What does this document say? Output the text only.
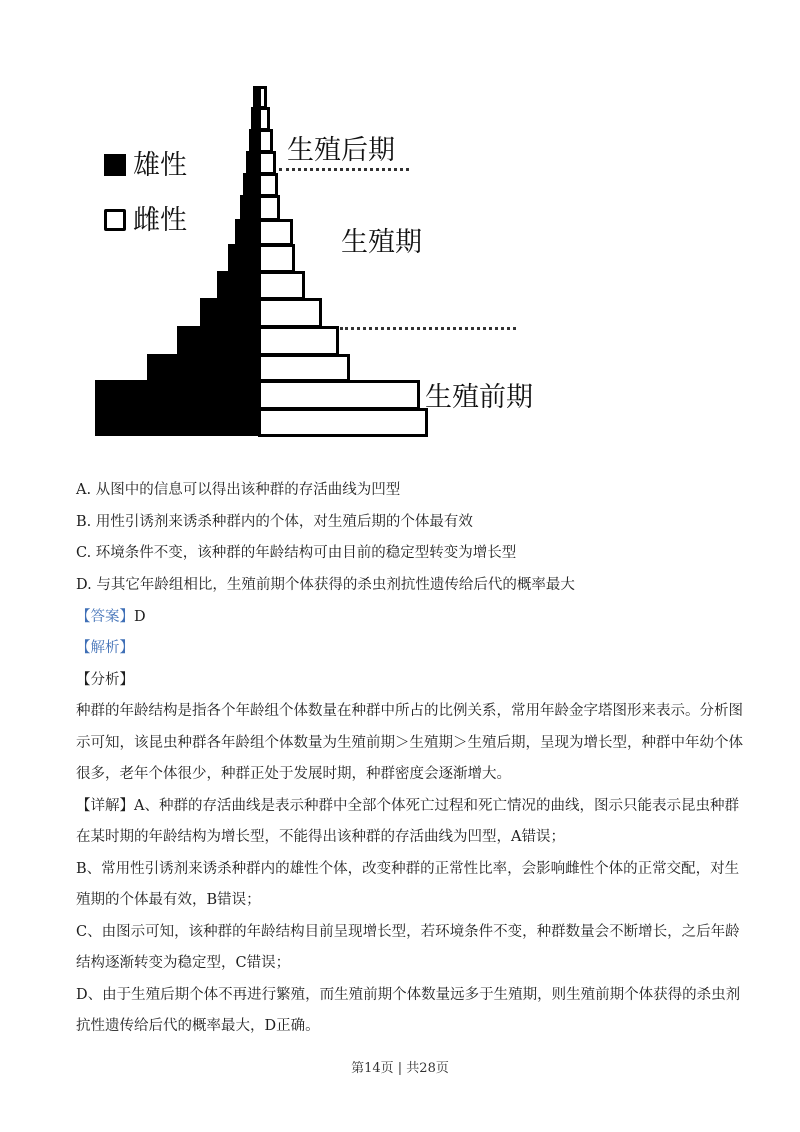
雄性
雌性
生殖后期
生殖期
生殖前期
A. 从图中的信息可以得出该种群的存活曲线为凹型
B. 用性引诱剂来诱杀种群内的个体，对生殖后期的个体最有效
C. 环境条件不变，该种群的年龄结构可由目前的稳定型转变为增长型
D. 与其它年龄组相比，生殖前期个体获得的杀虫剂抗性遗传给后代的概率最大
【答案】D
【解析】
【分析】
种群的年龄结构是指各个年龄组个体数量在种群中所占的比例关系，常用年龄金字塔图形来表示。分析图
示可知，该昆虫种群各年龄组个体数量为生殖前期＞生殖期＞生殖后期，呈现为增长型，种群中年幼个体
很多，老年个体很少，种群正处于发展时期，种群密度会逐渐增大。
【详解】A、种群的存活曲线是表示种群中全部个体死亡过程和死亡情况的曲线，图示只能表示昆虫种群
在某时期的年龄结构为增长型，不能得出该种群的存活曲线为凹型，A错误；
B、常用性引诱剂来诱杀种群内的雄性个体，改变种群的正常性比率，会影响雌性个体的正常交配，对生
殖期的个体最有效，B错误；
C、由图示可知，该种群的年龄结构目前呈现增长型，若环境条件不变，种群数量会不断增长，之后年龄
结构逐渐转变为稳定型，C错误；
D、由于生殖后期个体不再进行繁殖，而生殖前期个体数量远多于生殖期，则生殖前期个体获得的杀虫剂
抗性遗传给后代的概率最大，D正确。
第14页 | 共28页
